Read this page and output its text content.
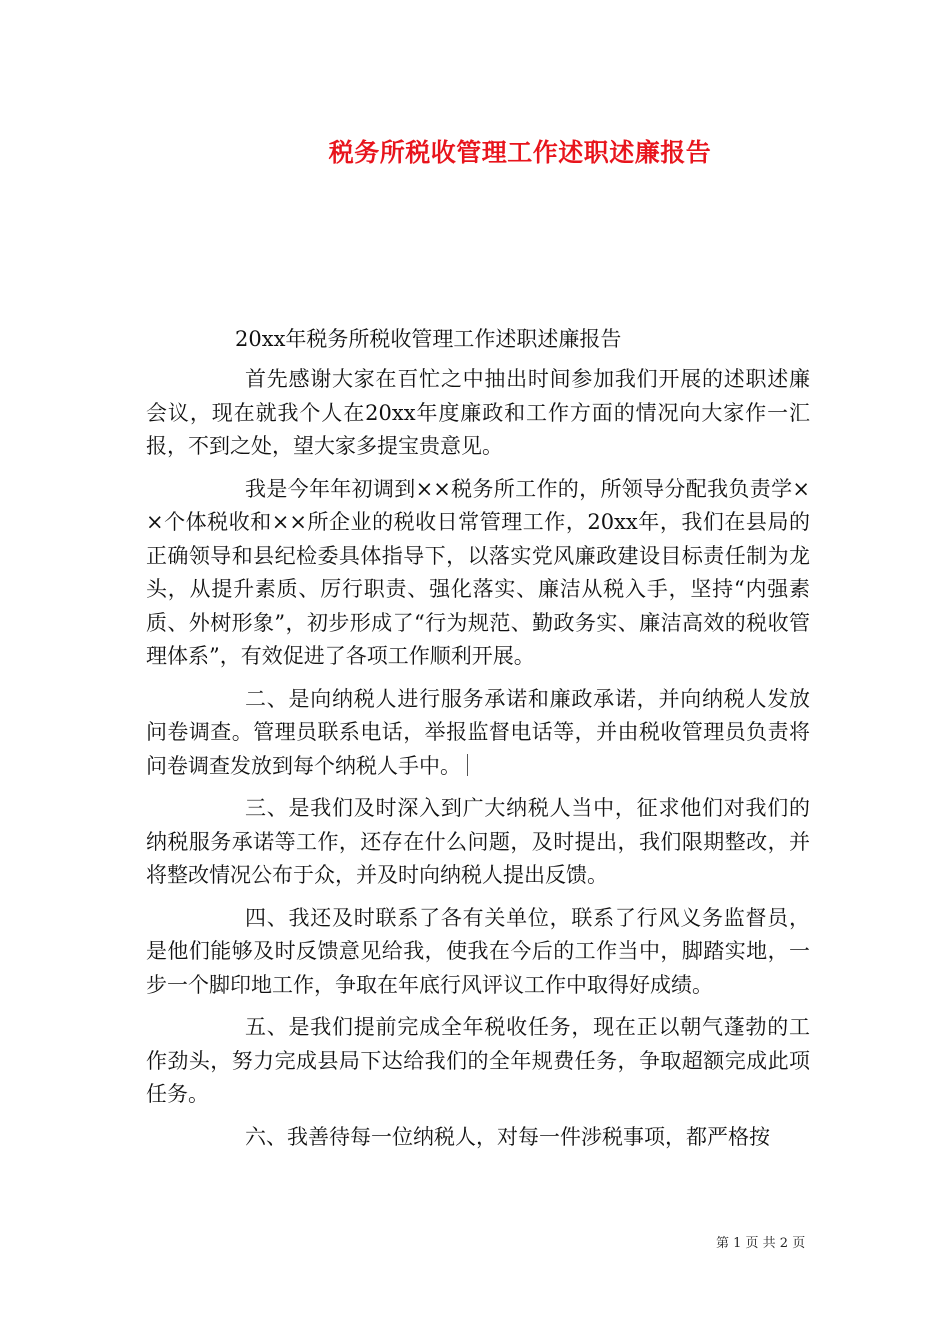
税务所税收管理工作述职述廉报告
20xx年税务所税收管理工作述职述廉报告

首先感谢大家在百忙之中抽出时间参加我们开展的述职述廉会议，现在就我个人在20xx年度廉政和工作方面的情况向大家作一汇报，不到之处，望大家多提宝贵意见。

我是今年年初调到××税务所工作的，所领导分配我负责学××个体税收和××所企业的税收日常管理工作，20xx年，我们在县局的正确领导和县纪检委具体指导下，以落实党风廉政建设目标责任制为龙头，从提升素质、厉行职责、强化落实、廉洁从税入手，坚持“内强素质、外树形象”，初步形成了“行为规范、勤政务实、廉洁高效的税收管理体系”，有效促进了各项工作顺利开展。

二、是向纳税人进行服务承诺和廉政承诺，并向纳税人发放问卷调查。管理员联系电话，举报监督电话等，并由税收管理员负责将问卷调查发放到每个纳税人手中。

三、是我们及时深入到广大纳税人当中，征求他们对我们的纳税服务承诺等工作，还存在什么问题，及时提出，我们限期整改，并将整改情况公布于众，并及时向纳税人提出反馈。

四、我还及时联系了各有关单位，联系了行风义务监督员，是他们能够及时反馈意见给我，使我在今后的工作当中，脚踏实地，一步一个脚印地工作，争取在年底行风评议工作中取得好成绩。

五、是我们提前完成全年税收任务，现在正以朝气蓬勃的工作劲头，努力完成县局下达给我们的全年规费任务，争取超额完成此项任务。

六、我善待每一位纳税人，对每一件涉税事项，都严格按

第 1 页 共 2 页
